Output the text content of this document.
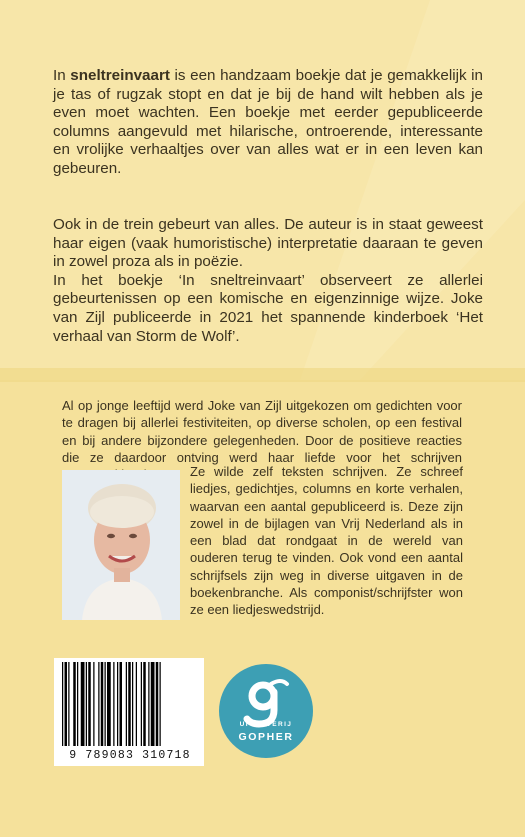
In sneltreinvaart is een handzaam boekje dat je gemakkelijk in je tas of rugzak stopt en dat je bij de hand wilt hebben als je even moet wachten. Een boekje met eerder gepubliceerde columns aangevuld met hilarische, ontroerende, interessante en vrolijke verhaaltjes over van alles wat er in een leven kan gebeuren.
Ook in de trein gebeurt van alles. De auteur is in staat geweest haar eigen (vaak humoristische) interpretatie daaraan te geven in zowel proza als in poëzie.
In het boekje ‘In sneltreinvaart’ observeert ze allerlei gebeurtenissen op een komische en eigenzinnige wijze. Joke van Zijl publiceerde in 2021 het spannende kinderboek ‘Het verhaal van Storm de Wolf’.
Al op jonge leeftijd werd Joke van Zijl uitgekozen om gedichten voor te dragen bij allerlei festiviteiten, op diverse scholen, op een festival en bij andere bijzondere gelegenheden. Door de positieve reacties die ze daardoor ontving werd haar liefde voor het schrijven
Ze wilde zelf teksten schrijven. Ze schreef liedjes, gedichtjes, columns en korte verhalen, waarvan een aantal gepubliceerd is. Deze zijn zowel in de bijlagen van Vrij Nederland als in een blad dat rondgaat in de wereld van ouderen terug te vinden. Ook vond een aantal schrijfsels zijn weg in diverse uitgaven in de boekenbranche. Als componist/schrijfster won ze een liedjeswedstrijd.
9 789083 310718
UITGEVERIJ
GOPHER
